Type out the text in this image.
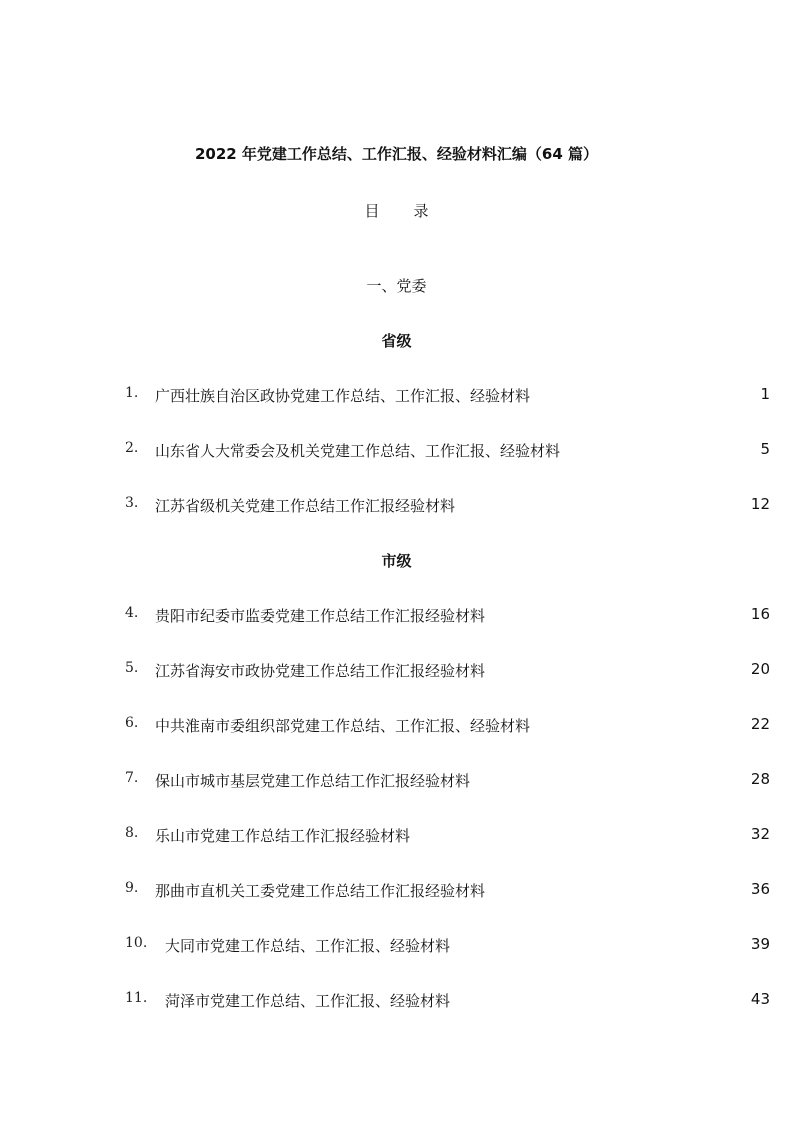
2022 年党建工作总结、工作汇报、经验材料汇编（64 篇）
目 录
一、党委
省级
1. 广西壮族自治区政协党建工作总结、工作汇报、经验材料	1
2. 山东省人大常委会及机关党建工作总结、工作汇报、经验材料	5
3. 江苏省级机关党建工作总结工作汇报经验材料	12
市级
4. 贵阳市纪委市监委党建工作总结工作汇报经验材料	16
5. 江苏省海安市政协党建工作总结工作汇报经验材料	20
6. 中共淮南市委组织部党建工作总结、工作汇报、经验材料	22
7. 保山市城市基层党建工作总结工作汇报经验材料	28
8. 乐山市党建工作总结工作汇报经验材料	32
9. 那曲市直机关工委党建工作总结工作汇报经验材料	36
10. 大同市党建工作总结、工作汇报、经验材料	39
11. 菏泽市党建工作总结、工作汇报、经验材料	43
